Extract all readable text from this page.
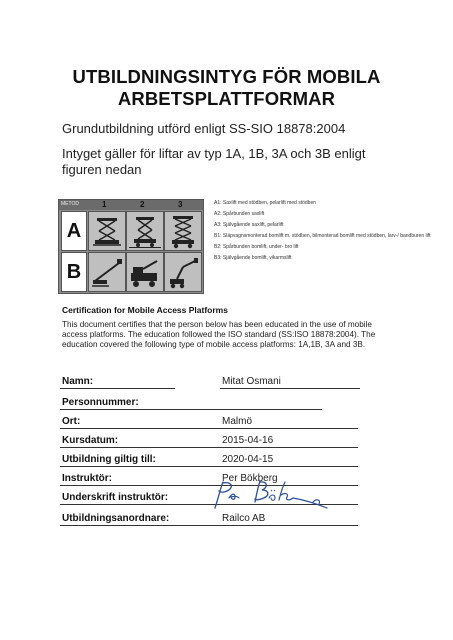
UTBILDNINGSINTYG FÖR MOBILA
ARBETSPLATTFORMAR
Grundutbildning utförd enligt SS-SIO 18878:2004
Intyget gäller för liftar av typ 1A, 1B, 3A och 3B enligt figuren nedan
METOD	1	2	3
A
B
A1: Saxlift med stödben, pelarlift med stödben
A2: Spårbunden saxlift
A3: Självgående saxlift, pelarlift
B1: Släpvagnsmonterad bomlift m. stödben, bilmonterad bomlift med stödben, larv-/ bandburen lift
B2: Spårbunden bomlift, under- bro lift
B3: Självgående bomlift, vikarmslift
Certification for Mobile Access Platforms
This document certifies that the person below has been educated in the use of mobile access platforms. The education followed the ISO standard (SS:ISO 18878:2004). The education covered the following type of mobile access platforms: 1A,1B, 3A and 3B.
Namn:	Mitat Osmani
Personnummer:
Ort:	Malmö
Kursdatum:	2015-04-16
Utbildning giltig till:	2020-04-15
Instruktör:	Per Bökberg
Underskrift instruktör:
Utbildningsanordnare:	Railco AB
